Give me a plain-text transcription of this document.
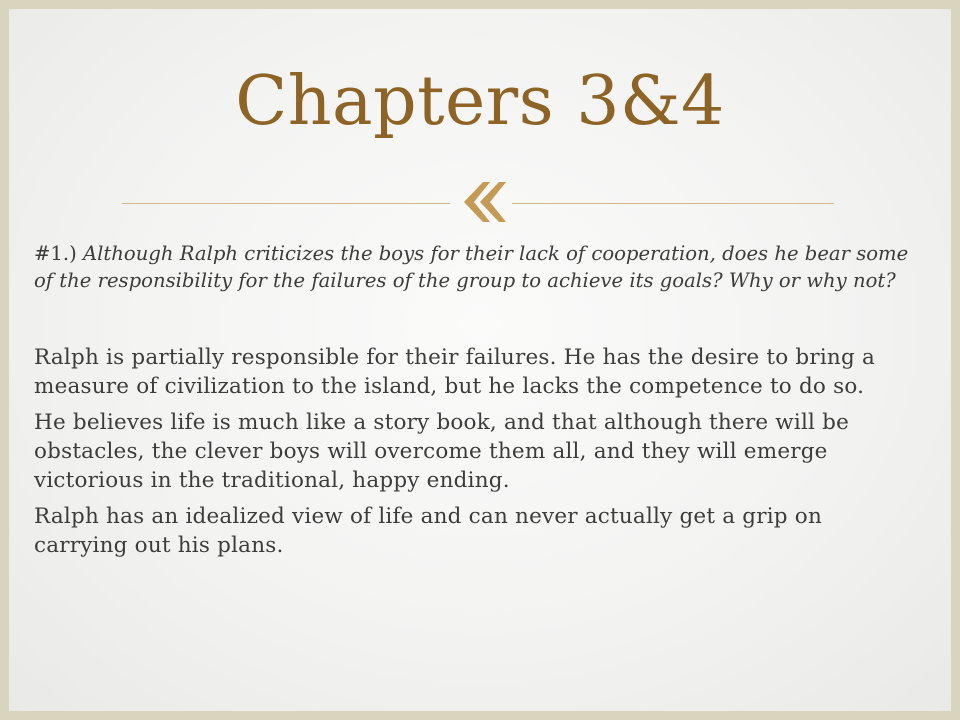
Chapters 3&4

#1.) Although Ralph criticizes the boys for their lack of cooperation, does he bear some of the responsibility for the failures of the group to achieve its goals? Why or why not?

Ralph is partially responsible for their failures. He has the desire to bring a measure of civilization to the island, but he lacks the competence to do so.

He believes life is much like a story book, and that although there will be obstacles, the clever boys will overcome them all, and they will emerge victorious in the traditional, happy ending.

Ralph has an idealized view of life and can never actually get a grip on carrying out his plans.
